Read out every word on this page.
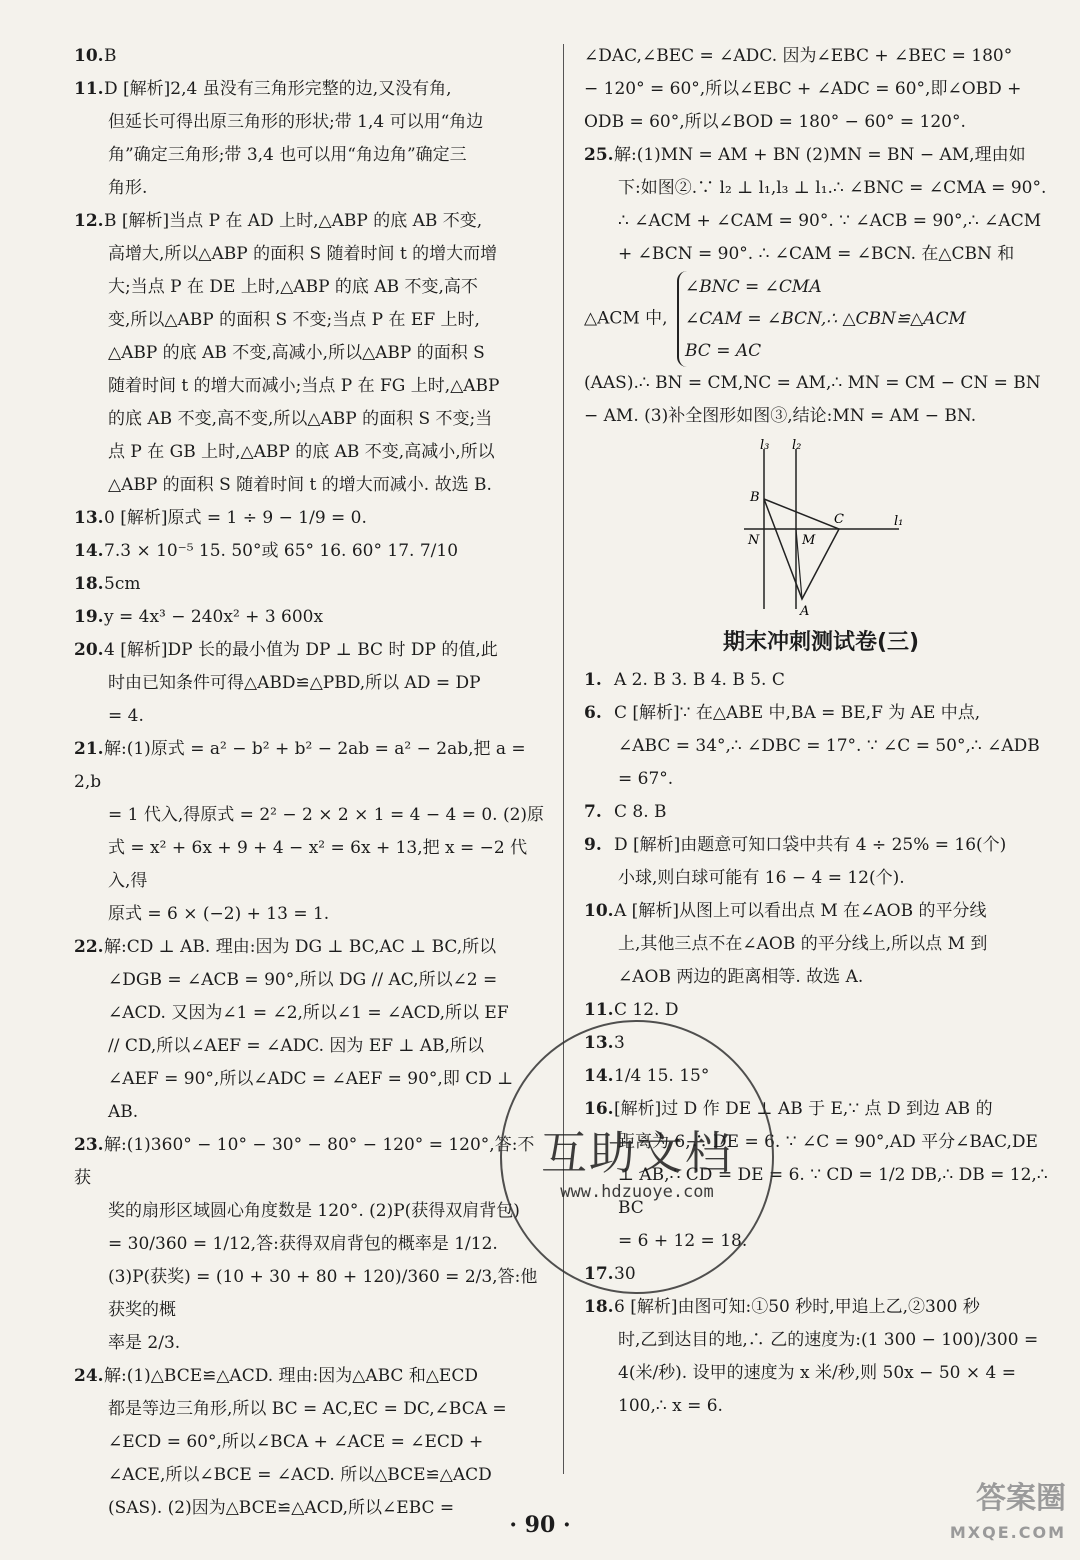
10.B
11.D [解析]2,4 虽没有三角形完整的边,又没有角,
但延长可得出原三角形的形状;带 1,4 可以用“角边
角”确定三角形;带 3,4 也可以用“角边角”确定三
角形.
12.B [解析]当点 P 在 AD 上时,△ABP 的底 AB 不变,
高增大,所以△ABP 的面积 S 随着时间 t 的增大而增
大;当点 P 在 DE 上时,△ABP 的底 AB 不变,高不
变,所以△ABP 的面积 S 不变;当点 P 在 EF 上时,
△ABP 的底 AB 不变,高减小,所以△ABP 的面积 S
随着时间 t 的增大而减小;当点 P 在 FG 上时,△ABP
的底 AB 不变,高不变,所以△ABP 的面积 S 不变;当
点 P 在 GB 上时,△ABP 的底 AB 不变,高减小,所以
△ABP 的面积 S 随着时间 t 的增大而减小. 故选 B.
13.0 [解析]原式 = 1 ÷ 9 − 1/9 = 0.
14.7.3 × 10⁻⁵ 15. 50°或 65° 16. 60° 17. 7/10
18.5cm
19.y = 4x³ − 240x² + 3 600x
20.4 [解析]DP 长的最小值为 DP ⊥ BC 时 DP 的值,此
时由已知条件可得△ABD≌△PBD,所以 AD = DP
= 4.
21.解:(1)原式 = a² − b² + b² − 2ab = a² − 2ab,把 a = 2,b
= 1 代入,得原式 = 2² − 2 × 2 × 1 = 4 − 4 = 0. (2)原
式 = x² + 6x + 9 + 4 − x² = 6x + 13,把 x = −2 代入,得
原式 = 6 × (−2) + 13 = 1.
22.解:CD ⊥ AB. 理由:因为 DG ⊥ BC,AC ⊥ BC,所以
∠DGB = ∠ACB = 90°,所以 DG // AC,所以∠2 =
∠ACD. 又因为∠1 = ∠2,所以∠1 = ∠ACD,所以 EF
// CD,所以∠AEF = ∠ADC. 因为 EF ⊥ AB,所以
∠AEF = 90°,所以∠ADC = ∠AEF = 90°,即 CD ⊥ AB.
23.解:(1)360° − 10° − 30° − 80° − 120° = 120°,答:不获
奖的扇形区域圆心角度数是 120°. (2)P(获得双肩背包)
= 30/360 = 1/12,答:获得双肩背包的概率是 1/12.
(3)P(获奖) = (10 + 30 + 80 + 120)/360 = 2/3,答:他获奖的概
率是 2/3.
24.解:(1)△BCE≌△ACD. 理由:因为△ABC 和△ECD
都是等边三角形,所以 BC = AC,EC = DC,∠BCA =
∠ECD = 60°,所以∠BCA + ∠ACE = ∠ECD +
∠ACE,所以∠BCE = ∠ACD. 所以△BCE≌△ACD
(SAS). (2)因为△BCE≌△ACD,所以∠EBC =
∠DAC,∠BEC = ∠ADC. 因为∠EBC + ∠BEC = 180°
− 120° = 60°,所以∠EBC + ∠ADC = 60°,即∠OBD +
ODB = 60°,所以∠BOD = 180° − 60° = 120°.
25.解:(1)MN = AM + BN (2)MN = BN − AM,理由如
下:如图②.∵ l₂ ⊥ l₁,l₃ ⊥ l₁.∴ ∠BNC = ∠CMA = 90°.
∴ ∠ACM + ∠CAM = 90°. ∵ ∠ACB = 90°,∴ ∠ACM
+ ∠BCN = 90°. ∴ ∠CAM = ∠BCN. 在△CBN 和
△ACM 中,
∠BNC = ∠CMA
∠CAM = ∠BCN,∴ △CBN≌△ACM
BC = AC
(AAS).∴ BN = CM,NC = AM,∴ MN = CM − CN = BN
− AM. (3)补全图形如图③,结论:MN = AM − BN.
l₃ l₂
l₁
B
C
N	M
A
期末冲刺测试卷(三)
1. A 2. B 3. B 4. B 5. C
6. C [解析]∵ 在△ABE 中,BA = BE,F 为 AE 中点,
∠ABC = 34°,∴ ∠DBC = 17°. ∵ ∠C = 50°,∴ ∠ADB
= 67°.
7. C 8. B
9. D [解析]由题意可知口袋中共有 4 ÷ 25% = 16(个)
小球,则白球可能有 16 − 4 = 12(个).
10.A [解析]从图上可以看出点 M 在∠AOB 的平分线
上,其他三点不在∠AOB 的平分线上,所以点 M 到
∠AOB 两边的距离相等. 故选 A.
11.C 12. D
13.3
14.1/4 15. 15°
16.[解析]过 D 作 DE ⊥ AB 于 E,∵ 点 D 到边 AB 的
距离为 6,∴ DE = 6. ∵ ∠C = 90°,AD 平分∠BAC,DE
⊥ AB,∴ CD = DE = 6. ∵ CD = 1/2 DB,∴ DB = 12,∴ BC
= 6 + 12 = 18.
17.30
18.6 [解析]由图可知:①50 秒时,甲追上乙,②300 秒
时,乙到达目的地,∴ 乙的速度为:(1 300 − 100)/300 =
4(米/秒). 设甲的速度为 x 米/秒,则 50x − 50 × 4 =
100,∴ x = 6.
互助文档
www.hdzuoye.com
· 90 ·
答案圈
MXQE.COM
